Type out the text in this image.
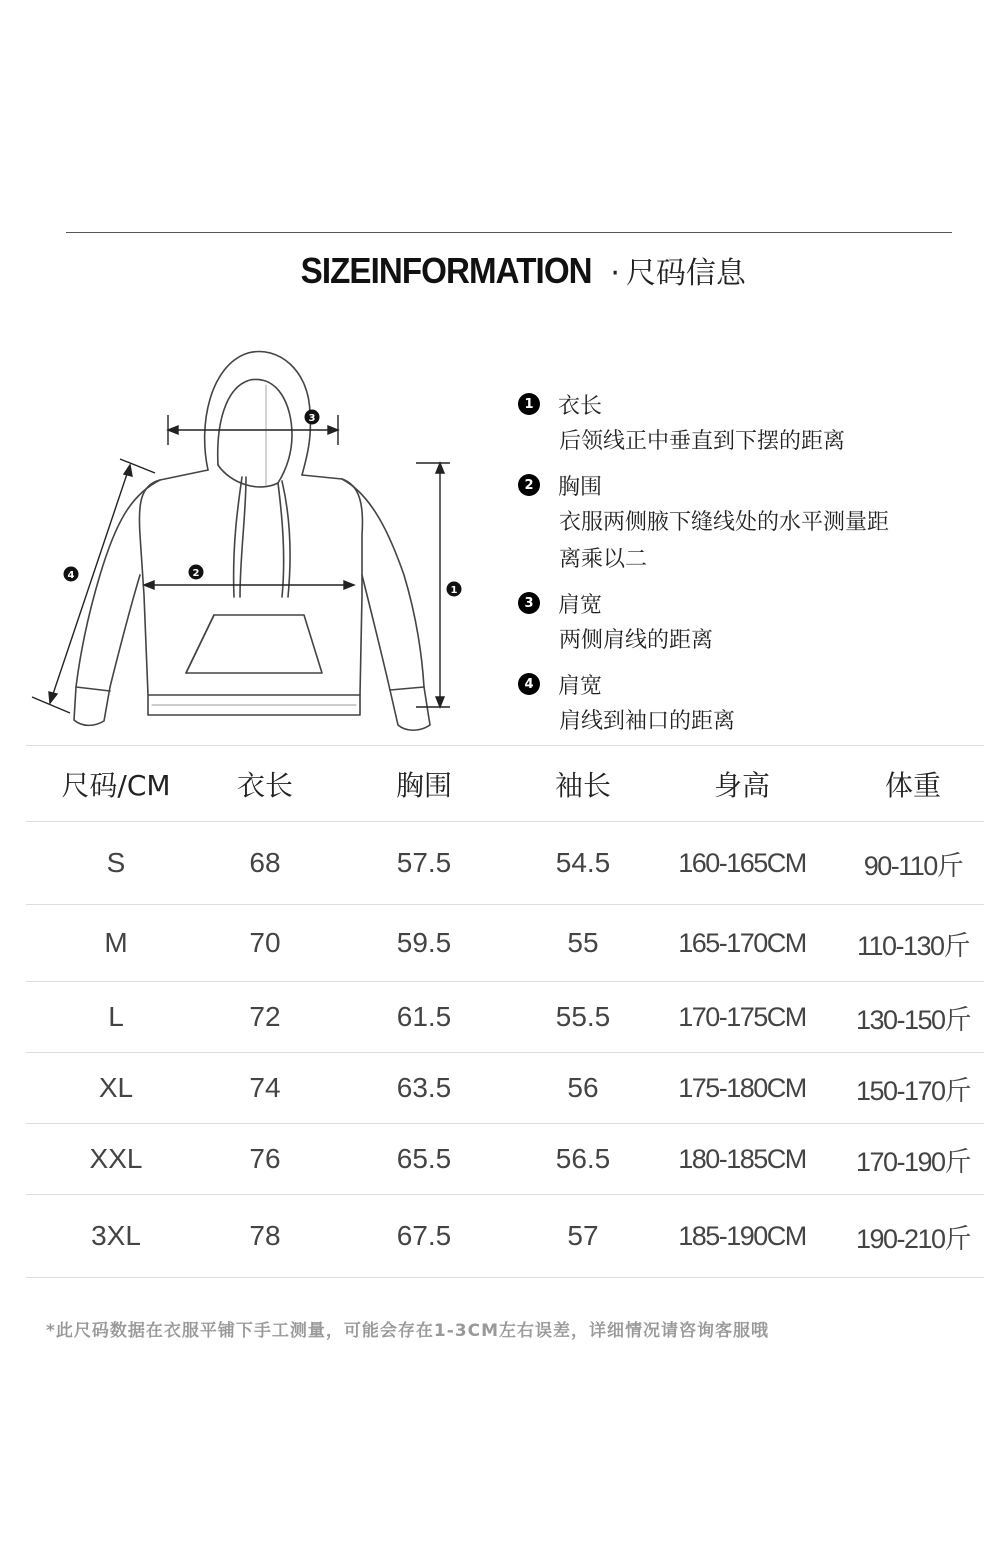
SIZEINFORMATION · 尺码信息
3
2
1
4
1 衣长
后领线正中垂直到下摆的距离
2 胸围
衣服两侧腋下缝线处的水平测量距离乘以二
3 肩宽
两侧肩线的距离
4 肩宽
肩线到袖口的距离
尺码/CM	衣长	胸围	袖长	身高	体重
S	68	57.5	54.5	160-165CM	90-110斤
M	70	59.5	55	165-170CM	110-130斤
L	72	61.5	55.5	170-175CM	130-150斤
XL	74	63.5	56	175-180CM	150-170斤
XXL	76	65.5	56.5	180-185CM	170-190斤
3XL	78	67.5	57	185-190CM	190-210斤
*此尺码数据在衣服平铺下手工测量，可能会存在1-3CM左右误差，详细情况请咨询客服哦
